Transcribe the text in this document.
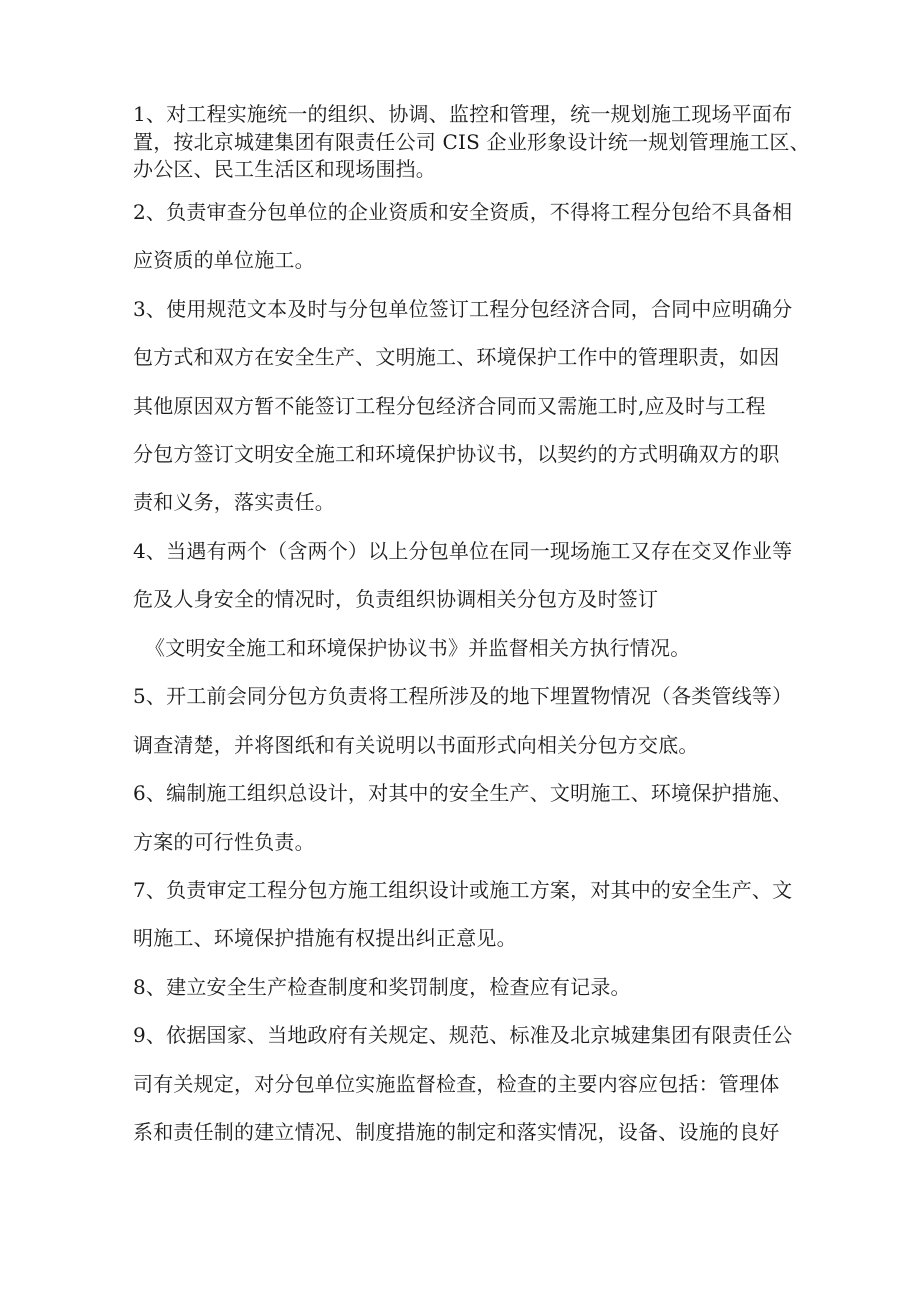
1、对工程实施统一的组织、协调、监控和管理，统一规划施工现场平面布
置，按北京城建集团有限责任公司 CIS 企业形象设计统一规划管理施工区、
办公区、民工生活区和现场围挡。
2、负责审查分包单位的企业资质和安全资质，不得将工程分包给不具备相
应资质的单位施工。
3、使用规范文本及时与分包单位签订工程分包经济合同，合同中应明确分
包方式和双方在安全生产、文明施工、环境保护工作中的管理职责，如因
其他原因双方暂不能签订工程分包经济合同而又需施工时,应及时与工程
分包方签订文明安全施工和环境保护协议书，以契约的方式明确双方的职
责和义务，落实责任。
4、当遇有两个（含两个）以上分包单位在同一现场施工又存在交叉作业等
危及人身安全的情况时，负责组织协调相关分包方及时签订
《文明安全施工和环境保护协议书》并监督相关方执行情况。
5、开工前会同分包方负责将工程所涉及的地下埋置物情况（各类管线等）
调查清楚，并将图纸和有关说明以书面形式向相关分包方交底。
6、编制施工组织总设计，对其中的安全生产、文明施工、环境保护措施、
方案的可行性负责。
7、负责审定工程分包方施工组织设计或施工方案，对其中的安全生产、文
明施工、环境保护措施有权提出纠正意见。
8、建立安全生产检查制度和奖罚制度，检查应有记录。
9、依据国家、当地政府有关规定、规范、标准及北京城建集团有限责任公
司有关规定，对分包单位实施监督检查，检查的主要内容应包括：管理体
系和责任制的建立情况、制度措施的制定和落实情况，设备、设施的良好
